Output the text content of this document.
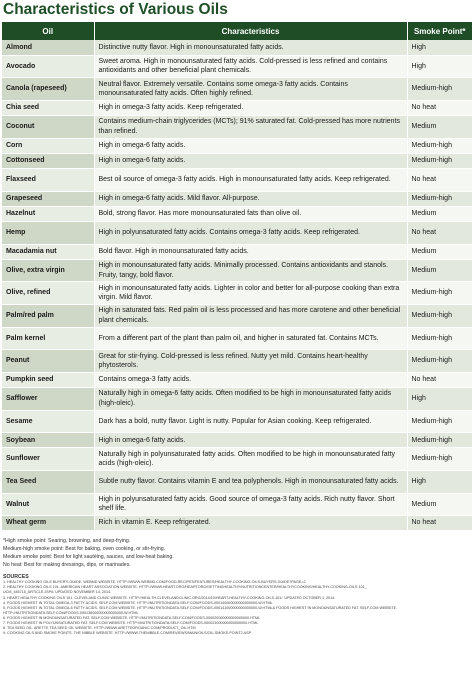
Characteristics of Various Oils
Oil	Characteristics	Smoke Point*
Almond	Distinctive nutty flavor. High in monounsaturated fatty acids.	High
Avocado	Sweet aroma. High in monounsaturated fatty acids. Cold-pressed is less refined and contains antioxidants and other beneficial plant chemicals.	High
Canola (rapeseed)	Neutral flavor. Extremely versatile. Contains some omega-3 fatty acids. Contains monounsaturated fatty acids. Often highly refined.	Medium-high
Chia seed	High in omega-3 fatty acids. Keep refrigerated.	No heat
Coconut	Contains medium-chain triglycerides (MCTs); 91% saturated fat. Cold-pressed has more nutrients than refined.	Medium
Corn	High in omega-6 fatty acids.	Medium-high
Cottonseed	High in omega-6 fatty acids.	Medium-high
Flaxseed	Best oil source of omega-3 fatty acids. High in monounsaturated fatty acids. Keep refrigerated.	No heat
Grapeseed	High in omega-6 fatty acids. Mild flavor. All-purpose.	Medium-high
Hazelnut	Bold, strong flavor. Has more monounsaturated fats than olive oil.	Medium
Hemp	High in polyunsaturated fatty acids. Contains omega-3 fatty acids. Keep refrigerated.	No heat
Macadamia nut	Bold flavor. High in monounsaturated fatty acids.	Medium
Olive, extra virgin	High in monounsaturated fatty acids. Minimally processed. Contains antioxidants and stanols. Fruity, tangy, bold flavor.	Medium
Olive, refined	High in monounsaturated fatty acids. Lighter in color and better for all-purpose cooking than extra virgin. Mild flavor.	Medium-high
Palm/red palm	High in saturated fats. Red palm oil is less processed and has more carotene and other beneficial plant chemicals.	Medium-high
Palm kernel	From a different part of the plant than palm oil, and higher in saturated fat. Contains MCTs.	Medium-high
Peanut	Great for stir-frying. Cold-pressed is less refined. Nutty yet mild. Contains heart-healthy phytosterols.	Medium-high
Pumpkin seed	Contains omega-3 fatty acids.	No heat
Safflower	Naturally high in omega-6 fatty acids. Often modified to be high in monounsaturated fatty acids (high-oleic).	High
Sesame	Dark has a bold, nutty flavor. Light is nutty. Popular for Asian cooking. Keep refrigerated.	Medium-high
Soybean	High in omega-6 fatty acids.	Medium-high
Sunflower	Naturally high in polyunsaturated fatty acids. Often modified to be high in monounsaturated fatty acids (high-oleic).	Medium-high
Tea Seed	Subtle nutty flavor. Contains vitamin E and tea polyphenols. High in monounsaturated fatty acids.	High
Walnut	High in polyunsaturated fatty acids. Good source of omega-3 fatty acids. Rich nutty flavor. Short shelf life.	Medium
Wheat germ	Rich in vitamin E. Keep refrigerated.	No heat
*High smoke point: Searing, browning, and deep-frying.
Medium-high smoke point: Best for baking, oven cooking, or stir-frying.
Medium smoke point: Best for light sautéing, sauces, and low-heat baking.
No heat: Best for making dressings, dips, or marinades.
SOURCES
1. HEALTHY COOKING OILS BUYER'S GUIDE. WEBMD WEBSITE. HTTP://WWW.WEBMD.COM/FOOD-RECIPES/FEATURES/HEALTHY-COOKING-OILS-BUYERS-GUIDE?PAGE=2
2. HEALTHY COOKING OILS 101. AMERICAN HEART ASSOCIATION WEBSITE. HTTP://WWW.HEART.ORG/HEARTORG/GETTINGHEALTHY/NUTRITIONCENTER/HEALTHYCOOKING/HEALTHY-COOKING-OILS-101_
UCM_445715_ARTICLE.JSP#. UPDATED NOVEMBER 14, 2014.
3. HEART-HEALTHY COOKING OILS 101. CLEVELAND CLINIC WEBSITE. HTTP://HEALTH.CLEVELANDCLINIC.ORG/2014/10/HEART-HEALTHY-COOKING-OILS-101/. UPDATED OCTOBER 1, 2014.
4. FOODS HIGHEST IN TOTAL OMEGA-3 FATTY ACIDS. SELF.COM WEBSITE. HTTP://NUTRITIONDATA.SELF.COM/FOODS-000140000000000000000-W.HTML
5. FOODS HIGHEST IN TOTAL OMEGA-6 FATTY ACIDS. SELF.COM WEBSITE. HTTP://NUTRITIONDATA.SELF.COM/FOODS-000141000000000000000-W.HTML& FOODS HIGHEST IN MONOUNSATURATED FAT. SELF.COM WEBSITE.
HTTP://NUTRITIONDATA.SELF.COM/FOODS-000136000000000000000-W.HTML
6. FOODS HIGHEST IN MONOUNSATURATED FAT. SELF.COM WEBSITE. HTTP://NUTRITIONDATA.SELF.COM/FOODS-000020000000000000000.HTML
7. FOODS HIGHEST IN POLYUNSATURATED FAT. SELF.COM WEBSITE. HTTP://NUTRITIONDATA.SELF.COM/FOODS-000021000000000000000.HTML
8. TEA SEED OIL. ARETTE TEA SEED OIL WEBSITE. HTTP://WWW.ARETTEORGANIC.COM/PRODUCT_OIL.HTM
9. COOKING OILS AND SMOKE POINTS. THE NIBBLE WEBSITE. HTTP://WWW.THENIBBLE.COM/REVIEWS/MAIN/OILS/OIL-SMOKE-POINT2.ASP
